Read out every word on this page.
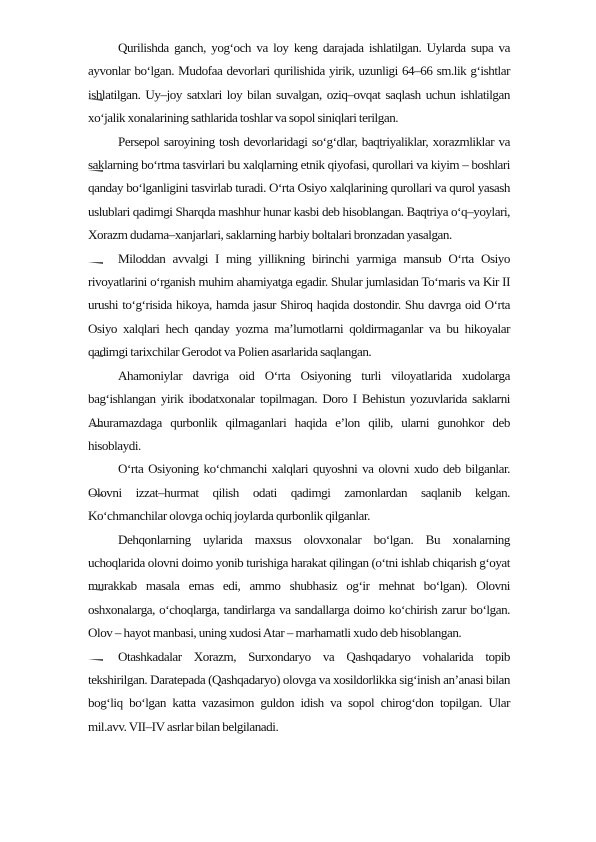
Qurilishda ganch, yog‘och va loy keng darajada ishlatilgan. Uylarda supa va ayvonlar bo‘lgan. Mudofaa devorlari qurilishida yirik, uzunligi 64–66 sm.lik g‘ishtlar ishlatilgan. Uy–joy satxlari loy bilan suvalgan, oziq–ovqat saqlash uchun ishlatilgan xo‘jalik xonalarining sathlarida toshlar va sopol siniqlari terilgan.

Persepol saroyining tosh devorlaridagi so‘g‘dlar, baqtriyaliklar, xorazmliklar va saklarning bo‘rtma tasvirlari bu xalqlarning etnik qiyofasi, qurollari va kiyim – boshlari qanday bo‘lganligini tasvirlab turadi. O‘rta Osiyo xalqlarining qurollari va qurol yasash uslublari qadimgi Sharqda mashhur hunar kasbi deb hisoblangan. Baqtriya o‘q–yoylari, Xorazm dudama–xanjarlari, saklarning harbiy boltalari bronzadan yasalgan.

Miloddan avvalgi I ming yillikning birinchi yarmiga mansub O‘rta Osiyo rivoyatlarini o‘rganish muhim ahamiyatga egadir. Shular jumlasidan To‘maris va Kir II urushi to‘g‘risida hikoya, hamda jasur Shiroq haqida dostondir. Shu davrga oid O‘rta Osiyo xalqlari hech qanday yozma ma’lumotlarni qoldirmaganlar va bu hikoyalar qadimgi tarixchilar Gerodot va Polien asarlarida saqlangan.

Ahamoniylar davriga oid O‘rta Osiyoning turli viloyatlarida xudolarga bag‘ishlangan yirik ibodatxonalar topilmagan. Doro I Behistun yozuvlarida saklarni Ahuramazdaga qurbonlik qilmaganlari haqida e’lon qilib, ularni gunohkor deb hisoblaydi.

O‘rta Osiyoning ko‘chmanchi xalqlari quyoshni va olovni xudo deb bilganlar. Olovni izzat–hurmat qilish odati qadimgi zamonlardan saqlanib kelgan. Ko‘chmanchilar olovga ochiq joylarda qurbonlik qilganlar.

Dehqonlarning uylarida maxsus olovxonalar bo‘lgan. Bu xonalarning uchoqlarida olovni doimo yonib turishiga harakat qilingan (o‘tni ishlab chiqarish g‘oyat murakkab masala emas edi, ammo shubhasiz og‘ir mehnat bo‘lgan). Olovni oshxonalarga, o‘choqlarga, tandirlarga va sandallarga doimo ko‘chirish zarur bo‘lgan. Olov – hayot manbasi, uning xudosi Atar – marhamatli xudo deb hisoblangan.

Otashkadalar Xorazm, Surxondaryo va Qashqadaryo vohalarida topib tekshirilgan. Daratepada (Qashqadaryo) olovga va xosildorlikka sig‘inish an’anasi bilan bog‘liq bo‘lgan katta vazasimon guldon idish va sopol chirog‘don topilgan. Ular mil.avv. VII–IV asrlar bilan belgilanadi.
